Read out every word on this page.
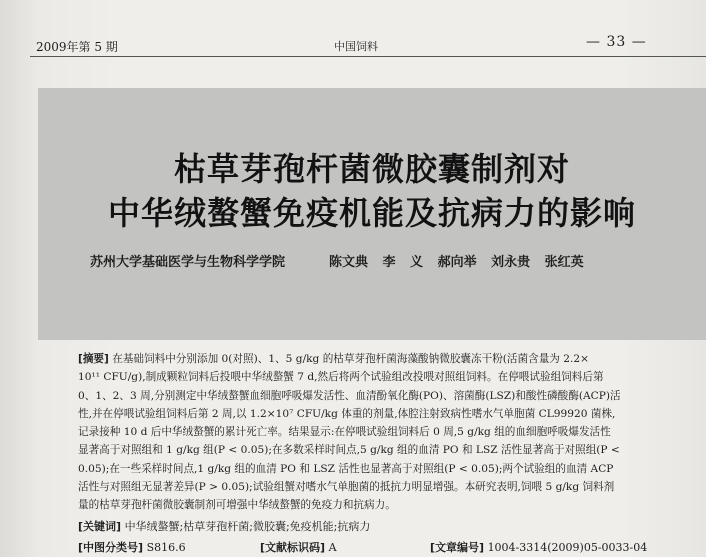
2009年第 5 期	中国饲料	— 33 —
枯草芽孢杆菌微胶囊制剂对
中华绒螯蟹免疫机能及抗病力的影响
苏州大学基础医学与生物科学学院	陈文典 李 义 郝向举 刘永贵 张红英
[摘要] 在基础饲料中分别添加 0(对照)、1、5 g/kg 的枯草芽孢杆菌海藻酸钠微胶囊冻干粉(活菌含量为 2.2×
10¹¹ CFU/g),制成颗粒饲料后投喂中华绒螯蟹 7 d,然后将两个试验组改投喂对照组饲料。在停喂试验组饲料后第
0、1、2、3 周,分别测定中华绒螯蟹血细胞呼吸爆发活性、血清酚氧化酶(PO)、溶菌酶(LSZ)和酸性磷酸酶(ACP)活
性,并在停喂试验组饲料后第 2 周,以 1.2×10⁷ CFU/kg 体重的剂量,体腔注射致病性嗜水气单胞菌 CL99920 菌株,
记录接种 10 d 后中华绒螯蟹的累计死亡率。结果显示:在停喂试验组饲料后 0 周,5 g/kg 组的血细胞呼吸爆发活性
显著高于对照组和 1 g/kg 组(P < 0.05);在多数采样时间点,5 g/kg 组的血清 PO 和 LSZ 活性显著高于对照组(P <
0.05);在一些采样时间点,1 g/kg 组的血清 PO 和 LSZ 活性也显著高于对照组(P < 0.05);两个试验组的血清 ACP
活性与对照组无显著差异(P > 0.05);试验组蟹对嗜水气单胞菌的抵抗力明显增强。本研究表明,饲喂 5 g/kg 饲料剂
量的枯草芽孢杆菌微胶囊制剂可增强中华绒螯蟹的免疫力和抗病力。
[关键词] 中华绒螯蟹;枯草芽孢杆菌;微胶囊;免疫机能;抗病力
[中图分类号] S816.6	[文献标识码] A	[文章编号] 1004-3314(2009)05-0033-04
